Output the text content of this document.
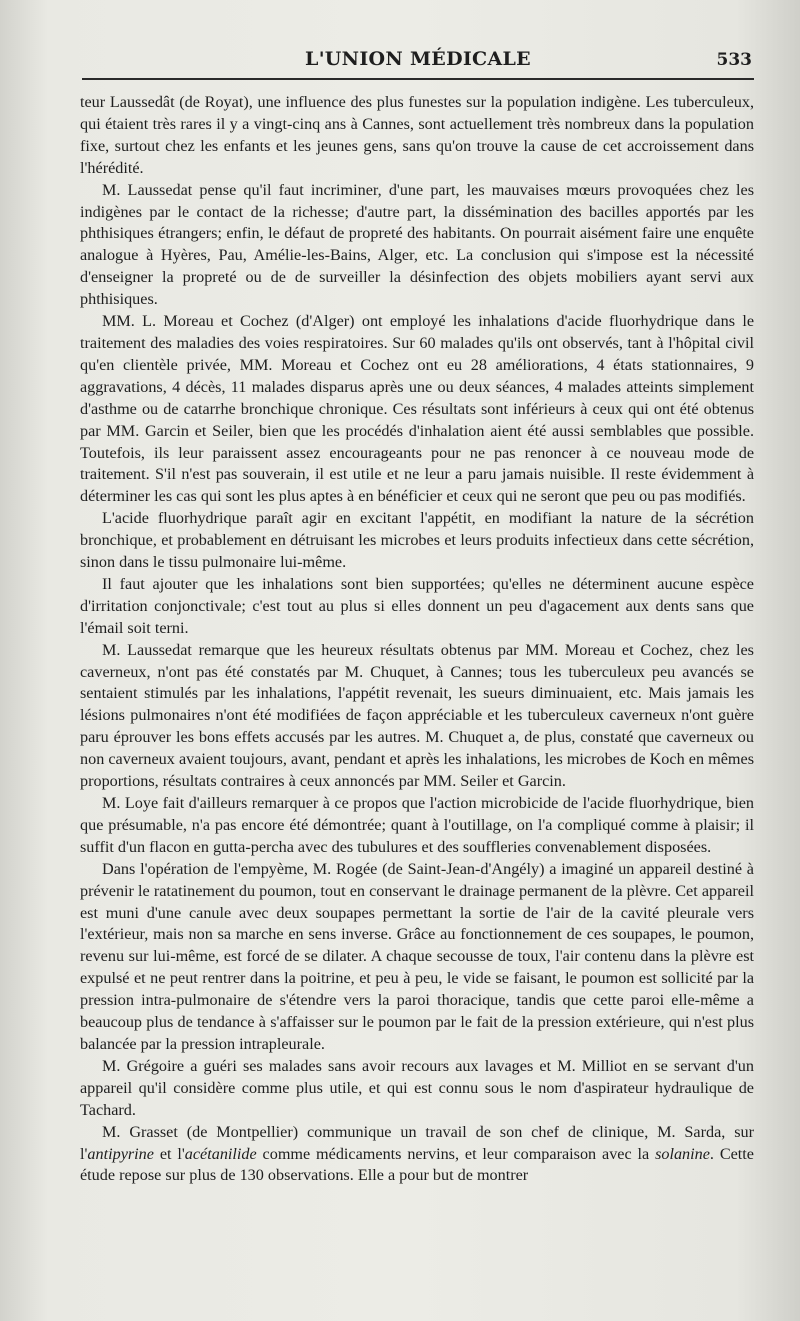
L'UNION MÉDICALE	533

teur Laussedât (de Royat), une influence des plus funestes sur la population indigène. Les tuberculeux, qui étaient très rares il y a vingt-cinq ans à Cannes, sont actuellement très nombreux dans la population fixe, surtout chez les enfants et les jeunes gens, sans qu'on trouve la cause de cet accroissement dans l'hérédité.

M. Laussedat pense qu'il faut incriminer, d'une part, les mauvaises mœurs provoquées chez les indigènes par le contact de la richesse; d'autre part, la dissémination des bacilles apportés par les phthisiques étrangers; enfin, le défaut de propreté des habitants. On pourrait aisément faire une enquête analogue à Hyères, Pau, Amélie-les-Bains, Alger, etc. La conclusion qui s'impose est la nécessité d'enseigner la propreté ou de de surveiller la désinfection des objets mobiliers ayant servi aux phthisiques.

MM. L. Moreau et Cochez (d'Alger) ont employé les inhalations d'acide fluorhydrique dans le traitement des maladies des voies respiratoires. Sur 60 malades qu'ils ont observés, tant à l'hôpital civil qu'en clientèle privée, MM. Moreau et Cochez ont eu 28 améliorations, 4 états stationnaires, 9 aggravations, 4 décès, 11 malades disparus après une ou deux séances, 4 malades atteints simplement d'asthme ou de catarrhe bronchique chronique. Ces résultats sont inférieurs à ceux qui ont été obtenus par MM. Garcin et Seiler, bien que les procédés d'inhalation aient été aussi semblables que possible. Toutefois, ils leur paraissent assez encourageants pour ne pas renoncer à ce nouveau mode de traitement. S'il n'est pas souverain, il est utile et ne leur a paru jamais nuisible. Il reste évidemment à déterminer les cas qui sont les plus aptes à en bénéficier et ceux qui ne seront que peu ou pas modifiés.

L'acide fluorhydrique paraît agir en excitant l'appétit, en modifiant la nature de la sécrétion bronchique, et probablement en détruisant les microbes et leurs produits infectieux dans cette sécrétion, sinon dans le tissu pulmonaire lui-même.

Il faut ajouter que les inhalations sont bien supportées; qu'elles ne déterminent aucune espèce d'irritation conjonctivale; c'est tout au plus si elles donnent un peu d'agacement aux dents sans que l'émail soit terni.

M. Laussedat remarque que les heureux résultats obtenus par MM. Moreau et Cochez, chez les caverneux, n'ont pas été constatés par M. Chuquet, à Cannes; tous les tuberculeux peu avancés se sentaient stimulés par les inhalations, l'appétit revenait, les sueurs diminuaient, etc. Mais jamais les lésions pulmonaires n'ont été modifiées de façon appréciable et les tuberculeux caverneux n'ont guère paru éprouver les bons effets accusés par les autres. M. Chuquet a, de plus, constaté que caverneux ou non caverneux avaient toujours, avant, pendant et après les inhalations, les microbes de Koch en mêmes proportions, résultats contraires à ceux annoncés par MM. Seiler et Garcin.

M. Loye fait d'ailleurs remarquer à ce propos que l'action microbicide de l'acide fluorhydrique, bien que présumable, n'a pas encore été démontrée; quant à l'outillage, on l'a compliqué comme à plaisir; il suffit d'un flacon en gutta-percha avec des tubulures et des souffleries convenablement disposées.

Dans l'opération de l'empyème, M. Rogée (de Saint-Jean-d'Angély) a imaginé un appareil destiné à prévenir le ratatinement du poumon, tout en conservant le drainage permanent de la plèvre. Cet appareil est muni d'une canule avec deux soupapes permettant la sortie de l'air de la cavité pleurale vers l'extérieur, mais non sa marche en sens inverse. Grâce au fonctionnement de ces soupapes, le poumon, revenu sur lui-même, est forcé de se dilater. A chaque secousse de toux, l'air contenu dans la plèvre est expulsé et ne peut rentrer dans la poitrine, et peu à peu, le vide se faisant, le poumon est sollicité par la pression intra-pulmonaire de s'étendre vers la paroi thoracique, tandis que cette paroi elle-même a beaucoup plus de tendance à s'affaisser sur le poumon par le fait de la pression extérieure, qui n'est plus balancée par la pression intrapleurale.

M. Grégoire a guéri ses malades sans avoir recours aux lavages et M. Milliot en se servant d'un appareil qu'il considère comme plus utile, et qui est connu sous le nom d'aspirateur hydraulique de Tachard.

M. Grasset (de Montpellier) communique un travail de son chef de clinique, M. Sarda, sur l'antipyrine et l'acétanilide comme médicaments nervins, et leur comparaison avec la solanine. Cette étude repose sur plus de 130 observations. Elle a pour but de montrer
